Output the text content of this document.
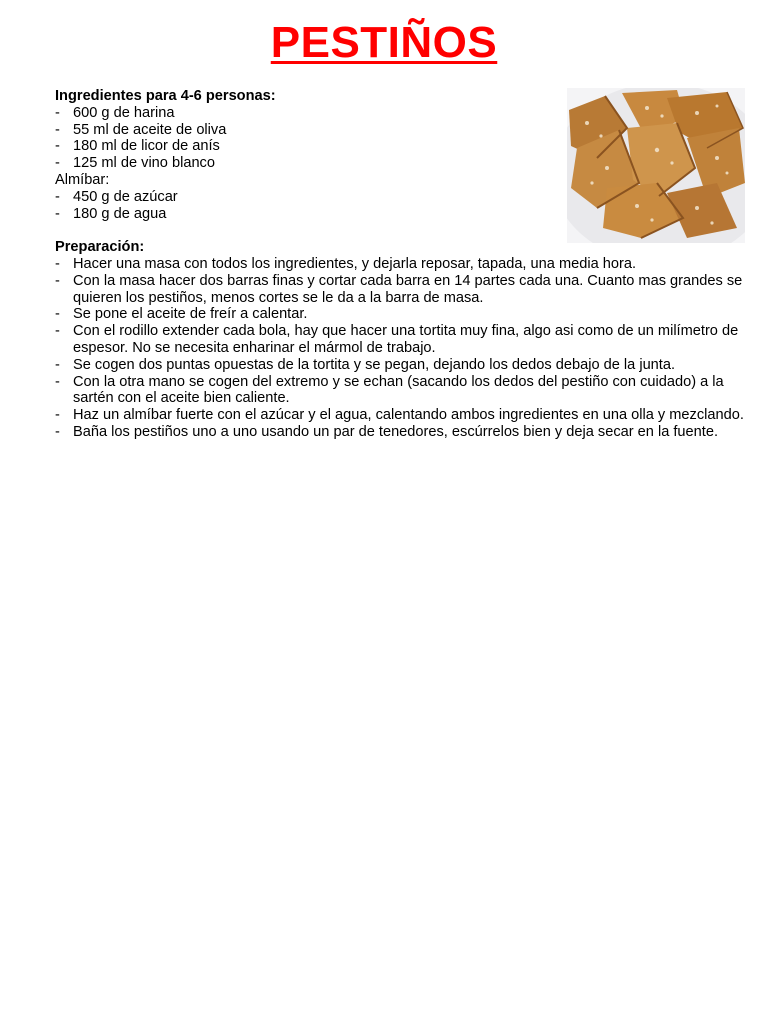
PESTIÑOS

Ingredientes para 4-6 personas:

- 600 g de harina
- 55 ml de aceite de oliva
- 180 ml de licor de anís
- 125 ml de vino blanco

Almíbar:

- 450 g de azúcar
- 180 g de agua

Preparación:

- Hacer una masa con todos los ingredientes, y dejarla reposar, tapada, una media hora.
- Con la masa hacer dos barras finas y cortar cada barra en 14 partes cada una. Cuanto mas grandes se quieren los pestiños, menos cortes se le da a la barra de masa.
- Se pone el aceite de freír a calentar.
- Con el rodillo extender cada bola, hay que hacer una tortita muy fina, algo asi como de un milímetro de espesor. No se necesita enharinar el mármol de trabajo.
- Se cogen dos puntas opuestas de la tortita y se pegan, dejando los dedos debajo de la junta.
- Con la otra mano se cogen del extremo y se echan (sacando los dedos del pestiño con cuidado) a la sartén con el aceite bien caliente.
- Haz un almíbar fuerte con el azúcar y el agua, calentando ambos ingredientes en una olla y mezclando.
- Baña los pestiños uno a uno usando un par de tenedores, escúrrelos bien y deja secar en la fuente.
